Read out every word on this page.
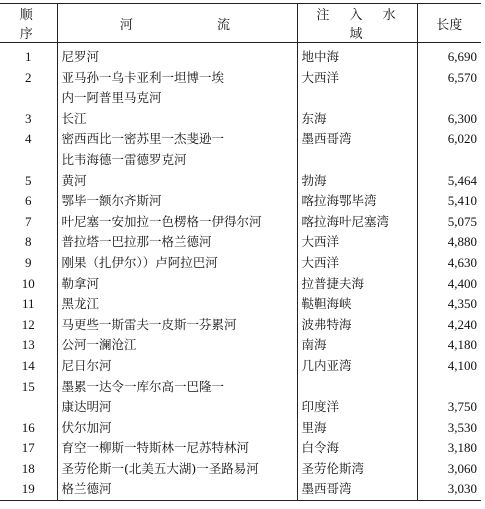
顺 序	河 流	注 入 水 域	长度
1	尼罗河	地中海	6,690
2	亚马孙一乌卡亚利一坦博一埃
内一阿普里马克河	大西洋	6,570
3	长江	东海	6,300
4	密西西比一密苏里一杰斐逊一
比韦海德一雷德罗克河	墨西哥湾	6,020
5	黄河	勃海	5,464
6	鄂毕一额尔齐斯河	喀拉海鄂毕湾	5,410
7	叶尼塞一安加拉一色楞格一伊得尔河	喀拉海叶尼塞湾	5,075
8	普拉塔一巴拉那一格兰德河	大西洋	4,880
9	刚果（扎伊尔））卢阿拉巴河	大西洋	4,630
10	勒拿河	拉普捷夫海	4,400
11	黑龙江	鞑靼海峡	4,350
12	马更些一斯雷夫一皮斯一芬累河	波弗特海	4,240
13	公河一澜沧江	南海	4,180
14	尼日尔河	几内亚湾	4,100
15	墨累一达令一库尔高一巴隆一
康达明河	印度洋	3,750
16	伏尔加河	里海	3,530
17	育空一柳斯一特斯林一尼苏特林河	白令海	3,180
18	圣劳伦斯一(北美五大湖)一圣路易河	圣劳伦斯湾	3,060
19	格兰德河	墨西哥湾	3,030
